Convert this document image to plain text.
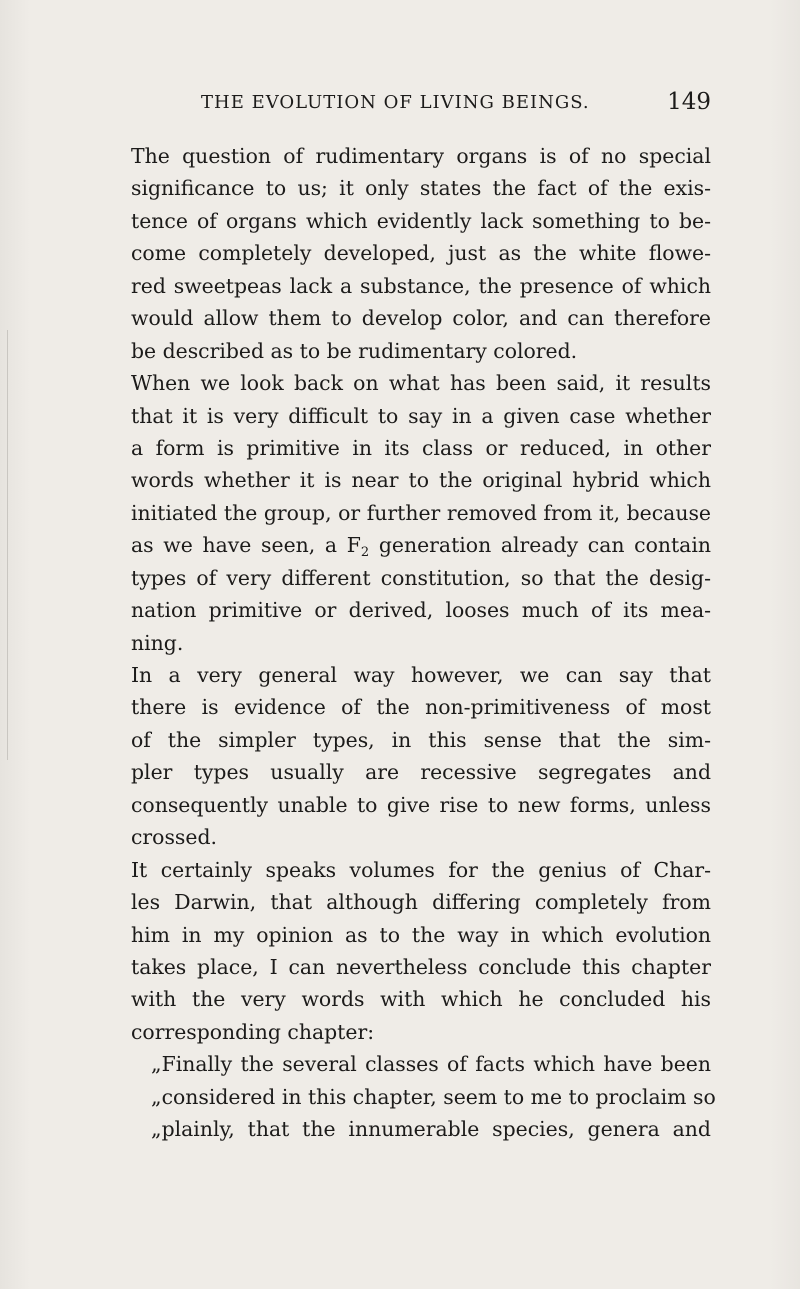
THE EVOLUTION OF LIVING BEINGS.	149
The question of rudimentary organs is of no special
significance to us; it only states the fact of the exis-
tence of organs which evidently lack something to be-
come completely developed, just as the white flowe-
red sweetpeas lack a substance, the presence of which
would allow them to develop color, and can therefore
be described as to be rudimentary colored.
When we look back on what has been said, it results
that it is very difficult to say in a given case whether
a form is primitive in its class or reduced, in other
words whether it is near to the original hybrid which
initiated the group, or further removed from it, because
as we have seen, a $F_2$ generation already can contain
types of very different constitution, so that the desig-
nation primitive or derived, looses much of its mea-
ning.
In a very general way however, we can say that
there is evidence of the non-primitiveness of most
of the simpler types, in this sense that the sim-
pler types usually are recessive segregates and
consequently unable to give rise to new forms, unless
crossed.
It certainly speaks volumes for the genius of Char-
les Darwin, that although differing completely from
him in my opinion as to the way in which evolution
takes place, I can nevertheless conclude this chapter
with the very words with which he concluded his
corresponding chapter:
„Finally the several classes of facts which have been
„considered in this chapter, seem to me to proclaim so
„plainly, that the innumerable species, genera and
